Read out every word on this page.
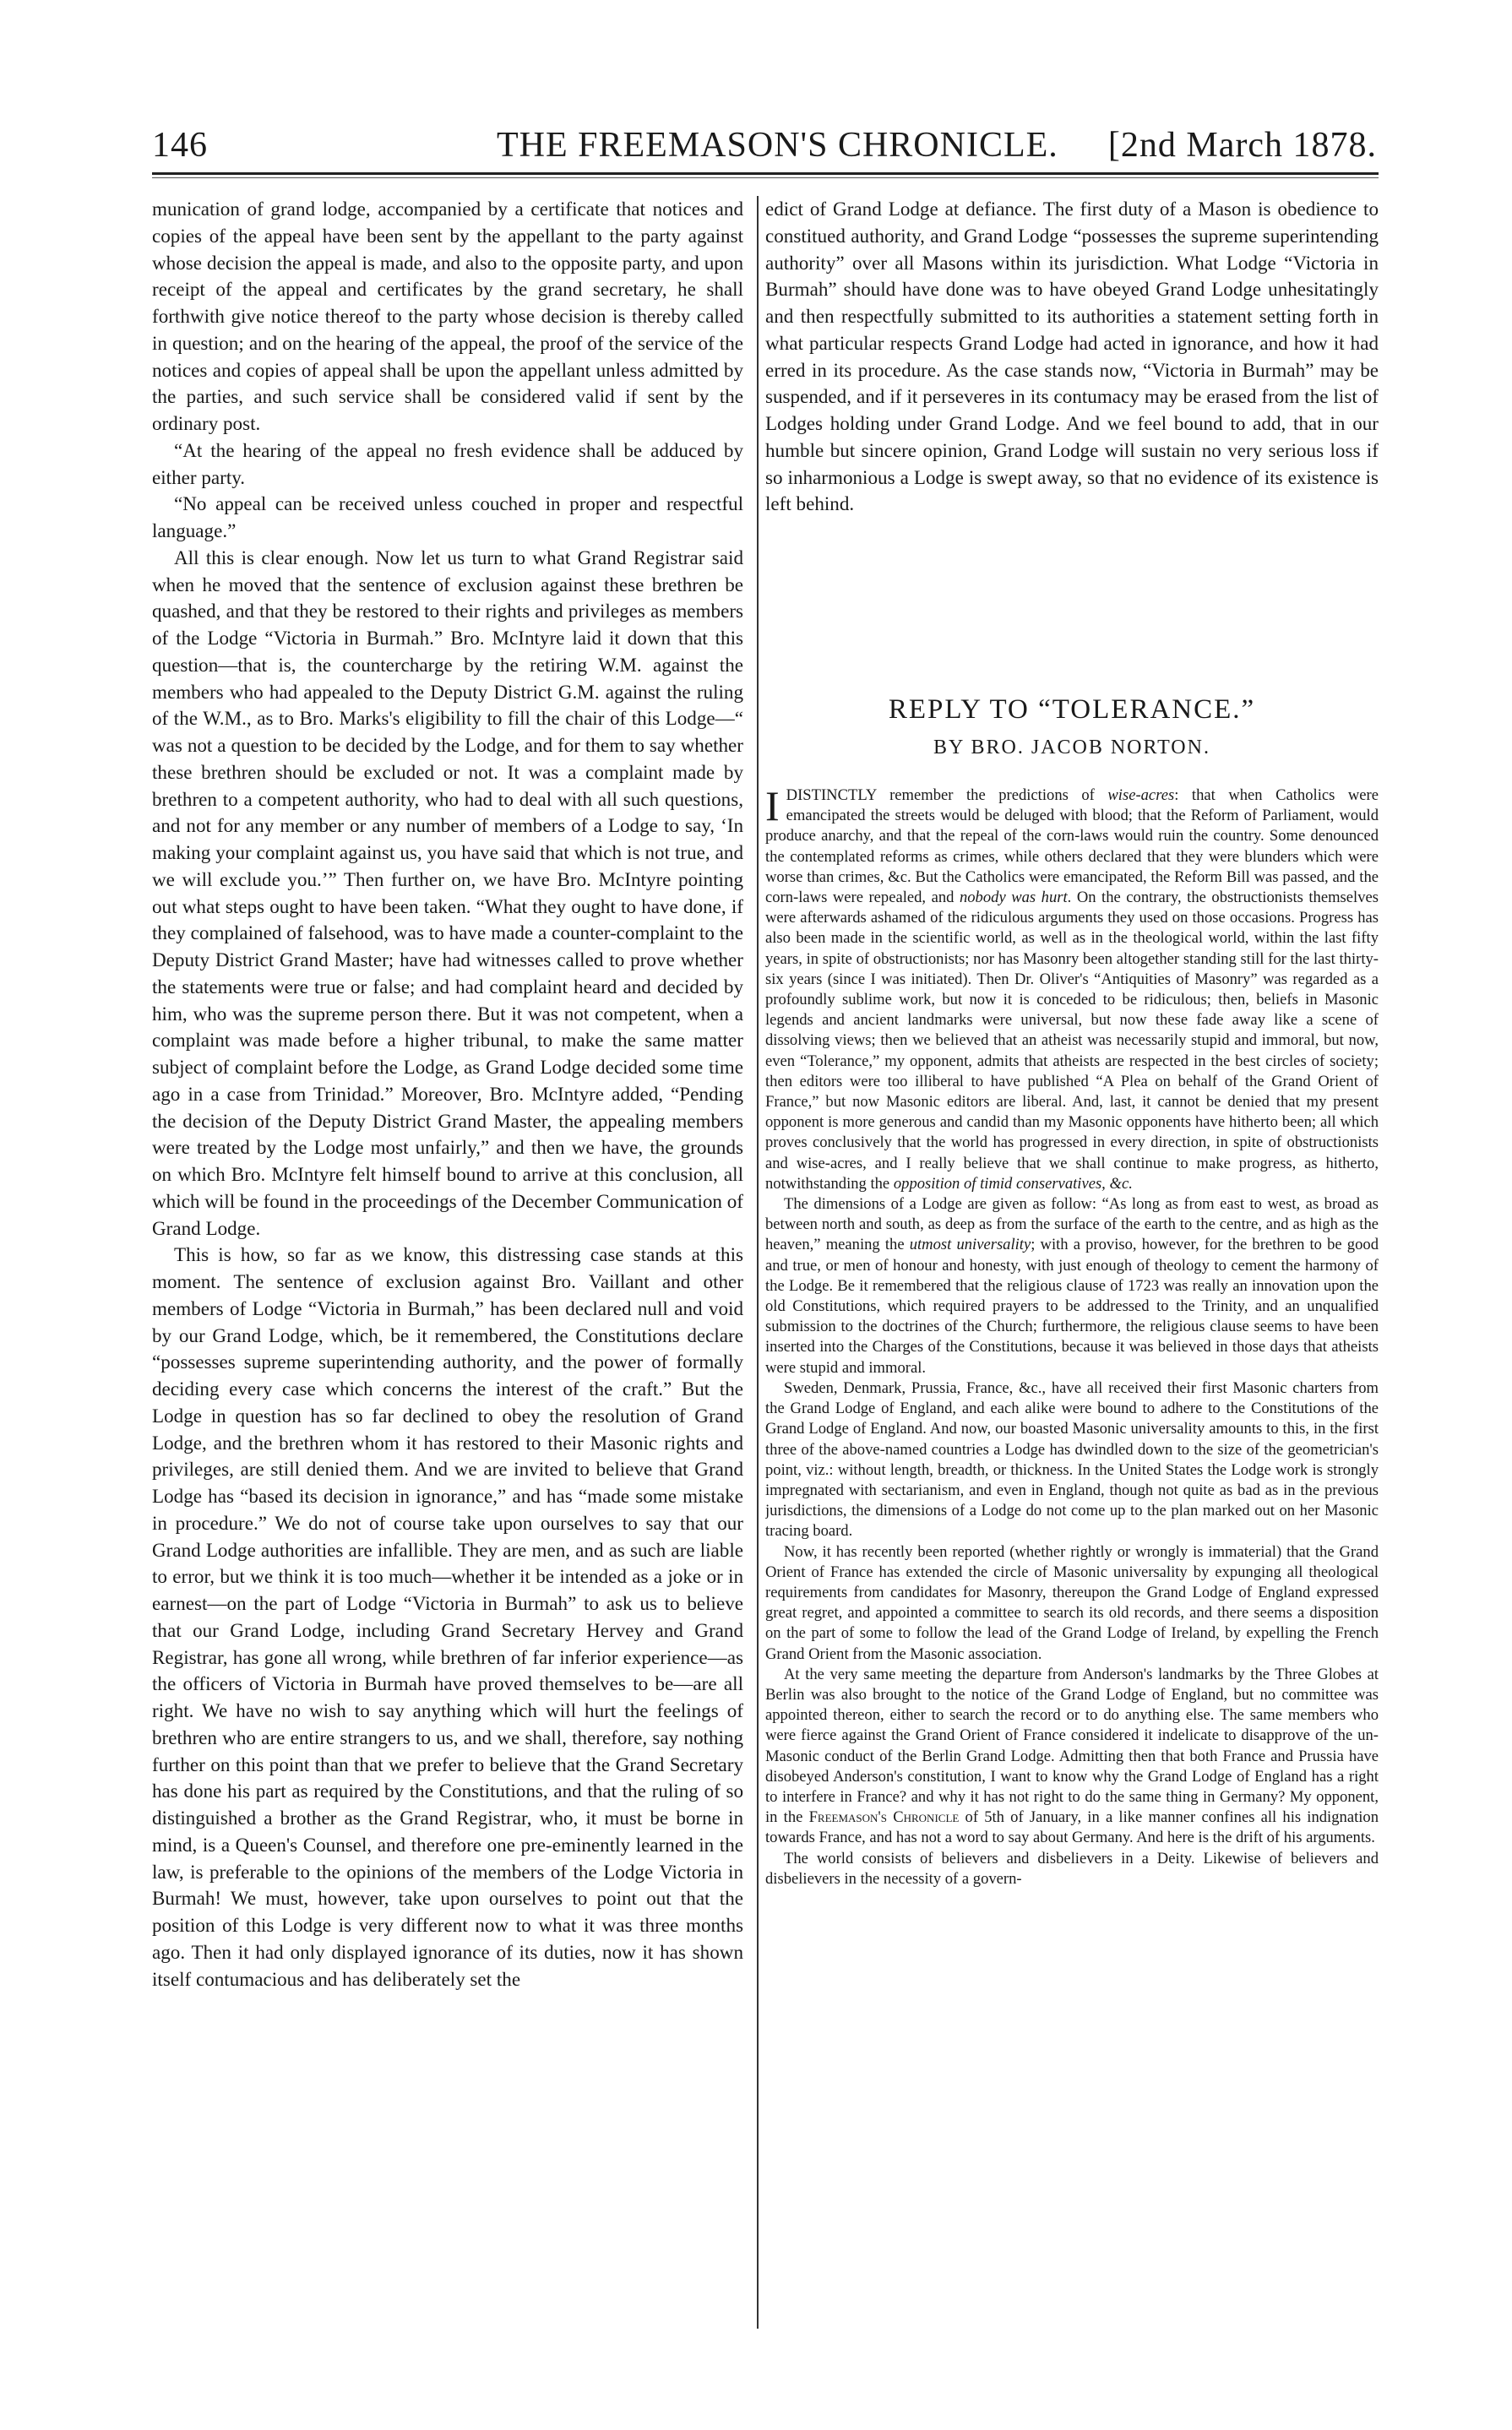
146	THE FREEMASON'S CHRONICLE. [2nd March 1878.

munication of grand lodge, accompanied by a certificate that notices and copies of the appeal have been sent by the appellant to the party against whose decision the appeal is made, and also to the opposite party, and upon receipt of the appeal and certificates by the grand secretary, he shall forthwith give notice thereof to the party whose decision is thereby called in question; and on the hearing of the appeal, the proof of the service of the notices and copies of appeal shall be upon the appellant unless admitted by the parties, and such service shall be considered valid if sent by the ordinary post.

“At the hearing of the appeal no fresh evidence shall be adduced by either party.

“No appeal can be received unless couched in proper and respectful language.”

All this is clear enough. Now let us turn to what Grand Registrar said when he moved that the sentence of exclusion against these brethren be quashed, and that they be restored to their rights and privileges as members of the Lodge “Victoria in Burmah.” Bro. McIntyre laid it down that this question—that is, the countercharge by the retiring W.M. against the members who had appealed to the Deputy District G.M. against the ruling of the W.M., as to Bro. Marks's eligibility to fill the chair of this Lodge—“ was not a question to be decided by the Lodge, and for them to say whether these brethren should be excluded or not. It was a complaint made by brethren to a competent authority, who had to deal with all such questions, and not for any member or any number of members of a Lodge to say, ‘In making your complaint against us, you have said that which is not true, and we will exclude you.’” Then further on, we have Bro. McIntyre pointing out what steps ought to have been taken. “What they ought to have done, if they complained of falsehood, was to have made a counter-complaint to the Deputy District Grand Master; have had witnesses called to prove whether the statements were true or false; and had complaint heard and decided by him, who was the supreme person there. But it was not competent, when a complaint was made before a higher tribunal, to make the same matter subject of complaint before the Lodge, as Grand Lodge decided some time ago in a case from Trinidad.” Moreover, Bro. McIntyre added, “Pending the decision of the Deputy District Grand Master, the appealing members were treated by the Lodge most unfairly,” and then we have, the grounds on which Bro. McIntyre felt himself bound to arrive at this conclusion, all which will be found in the proceedings of the December Communication of Grand Lodge.

This is how, so far as we know, this distressing case stands at this moment. The sentence of exclusion against Bro. Vaillant and other members of Lodge “Victoria in Burmah,” has been declared null and void by our Grand Lodge, which, be it remembered, the Constitutions declare “possesses supreme superintending authority, and the power of formally deciding every case which concerns the interest of the craft.” But the Lodge in question has so far declined to obey the resolution of Grand Lodge, and the brethren whom it has restored to their Masonic rights and privileges, are still denied them. And we are invited to believe that Grand Lodge has “based its decision in ignorance,” and has “made some mistake in procedure.” We do not of course take upon ourselves to say that our Grand Lodge authorities are infallible. They are men, and as such are liable to error, but we think it is too much—whether it be intended as a joke or in earnest—on the part of Lodge “Victoria in Burmah” to ask us to believe that our Grand Lodge, including Grand Secretary Hervey and Grand Registrar, has gone all wrong, while brethren of far inferior experience—as the officers of Victoria in Burmah have proved themselves to be—are all right. We have no wish to say anything which will hurt the feelings of brethren who are entire strangers to us, and we shall, therefore, say nothing further on this point than that we prefer to believe that the Grand Secretary has done his part as required by the Constitutions, and that the ruling of so distinguished a brother as the Grand Registrar, who, it must be borne in mind, is a Queen's Counsel, and therefore one pre-eminently learned in the law, is preferable to the opinions of the members of the Lodge Victoria in Burmah! We must, however, take upon ourselves to point out that the position of this Lodge is very different now to what it was three months ago. Then it had only displayed ignorance of its duties, now it has shown itself contumacious and has deliberately set the

edict of Grand Lodge at defiance. The first duty of a Mason is obedience to constitued authority, and Grand Lodge “possesses the supreme superintending authority” over all Masons within its jurisdiction. What Lodge “Victoria in Burmah” should have done was to have obeyed Grand Lodge unhesitatingly and then respectfully submitted to its authorities a statement setting forth in what particular respects Grand Lodge had acted in ignorance, and how it had erred in its procedure. As the case stands now, “Victoria in Burmah” may be suspended, and if it perseveres in its contumacy may be erased from the list of Lodges holding under Grand Lodge. And we feel bound to add, that in our humble but sincere opinion, Grand Lodge will sustain no very serious loss if so inharmonious a Lodge is swept away, so that no evidence of its existence is left behind.

REPLY TO “TOLERANCE.”
BY BRO. JACOB NORTON.

I DISTINCTLY remember the predictions of wise-acres: that when Catholics were emancipated the streets would be deluged with blood; that the Reform of Parliament, would produce anarchy, and that the repeal of the corn-laws would ruin the country. Some denounced the contemplated reforms as crimes, while others declared that they were blunders which were worse than crimes, &c. But the Catholics were emancipated, the Reform Bill was passed, and the corn-laws were repealed, and nobody was hurt. On the contrary, the obstructionists themselves were afterwards ashamed of the ridiculous arguments they used on those occasions. Progress has also been made in the scientific world, as well as in the theological world, within the last fifty years, in spite of obstructionists; nor has Masonry been altogether standing still for the last thirty-six years (since I was initiated). Then Dr. Oliver's “Antiquities of Masonry” was regarded as a profoundly sublime work, but now it is conceded to be ridiculous; then, beliefs in Masonic legends and ancient landmarks were universal, but now these fade away like a scene of dissolving views; then we believed that an atheist was necessarily stupid and immoral, but now, even “Tolerance,” my opponent, admits that atheists are respected in the best circles of society; then editors were too illiberal to have published “A Plea on behalf of the Grand Orient of France,” but now Masonic editors are liberal. And, last, it cannot be denied that my present opponent is more generous and candid than my Masonic opponents have hitherto been; all which proves conclusively that the world has progressed in every direction, in spite of obstructionists and wise-acres, and I really believe that we shall continue to make progress, as hitherto, notwithstanding the opposition of timid conservatives, &c.

The dimensions of a Lodge are given as follow: “As long as from east to west, as broad as between north and south, as deep as from the surface of the earth to the centre, and as high as the heaven,” meaning the utmost universality; with a proviso, however, for the brethren to be good and true, or men of honour and honesty, with just enough of theology to cement the harmony of the Lodge. Be it remembered that the religious clause of 1723 was really an innovation upon the old Constitutions, which required prayers to be addressed to the Trinity, and an unqualified submission to the doctrines of the Church; furthermore, the religious clause seems to have been inserted into the Charges of the Constitutions, because it was believed in those days that atheists were stupid and immoral.

Sweden, Denmark, Prussia, France, &c., have all received their first Masonic charters from the Grand Lodge of England, and each alike were bound to adhere to the Constitutions of the Grand Lodge of England. And now, our boasted Masonic universality amounts to this, in the first three of the above-named countries a Lodge has dwindled down to the size of the geometrician's point, viz.: without length, breadth, or thickness. In the United States the Lodge work is strongly impregnated with sectarianism, and even in England, though not quite as bad as in the previous jurisdictions, the dimensions of a Lodge do not come up to the plan marked out on her Masonic tracing board.

Now, it has recently been reported (whether rightly or wrongly is immaterial) that the Grand Orient of France has extended the circle of Masonic universality by expunging all theological requirements from candidates for Masonry, thereupon the Grand Lodge of England expressed great regret, and appointed a committee to search its old records, and there seems a disposition on the part of some to follow the lead of the Grand Lodge of Ireland, by expelling the French Grand Orient from the Masonic association.

At the very same meeting the departure from Anderson's landmarks by the Three Globes at Berlin was also brought to the notice of the Grand Lodge of England, but no committee was appointed thereon, either to search the record or to do anything else. The same members who were fierce against the Grand Orient of France considered it indelicate to disapprove of the un-Masonic conduct of the Berlin Grand Lodge. Admitting then that both France and Prussia have disobeyed Anderson's constitution, I want to know why the Grand Lodge of England has a right to interfere in France? and why it has not right to do the same thing in Germany? My opponent, in the Freemason's Chronicle of 5th of January, in a like manner confines all his indignation towards France, and has not a word to say about Germany. And here is the drift of his arguments.

The world consists of believers and disbelievers in a Deity. Likewise of believers and disbelievers in the necessity of a govern-
